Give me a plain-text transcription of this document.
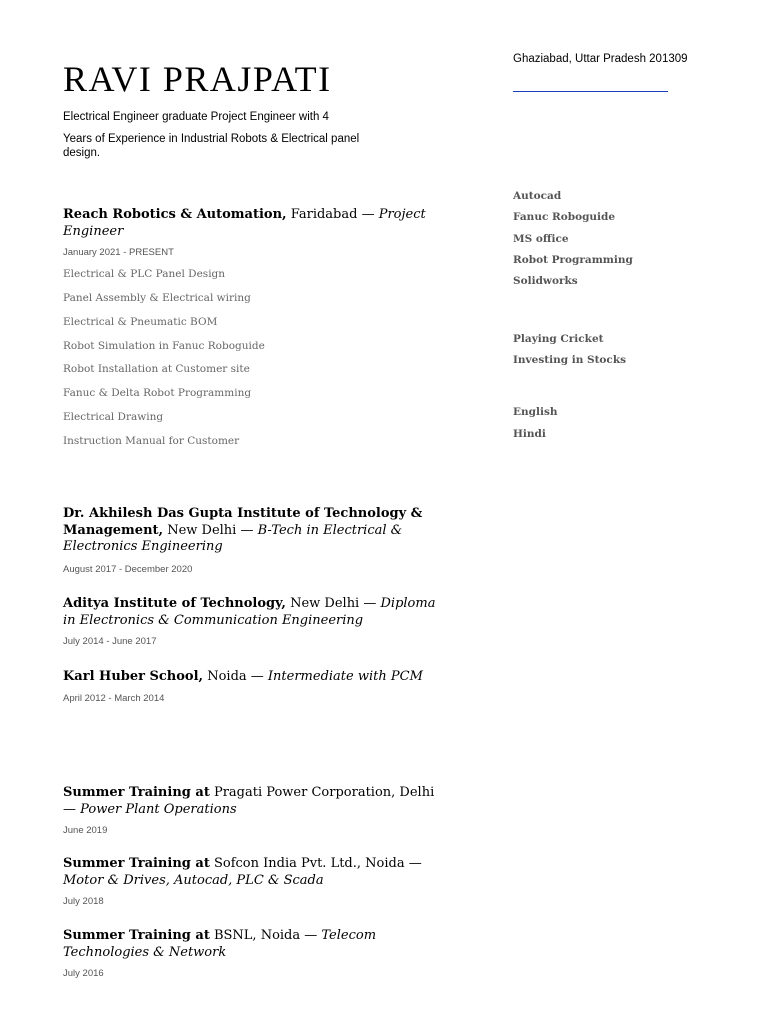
RAVI PRAJPATI
Electrical Engineer graduate Project Engineer with 4
Years of Experience in Industrial Robots & Electrical panel design.
Ghaziabad, Uttar Pradesh 201309
Reach Robotics & Automation, Faridabad — Project Engineer
January 2021 - PRESENT
Electrical & PLC Panel Design
Panel Assembly & Electrical wiring
Electrical & Pneumatic BOM
Robot Simulation in Fanuc Roboguide
Robot Installation at Customer site
Fanuc & Delta Robot Programming
Electrical Drawing
Instruction Manual for Customer
Dr. Akhilesh Das Gupta Institute of Technology & Management, New Delhi — B-Tech in Electrical & Electronics Engineering
August 2017 - December 2020
Aditya Institute of Technology, New Delhi — Diploma in Electronics & Communication Engineering
July 2014 - June 2017
Karl Huber School, Noida — Intermediate with PCM
April 2012 - March 2014
Summer Training at Pragati Power Corporation, Delhi — Power Plant Operations
June 2019
Summer Training at Sofcon India Pvt. Ltd., Noida — Motor & Drives, Autocad, PLC & Scada
July 2018
Summer Training at BSNL, Noida — Telecom Technologies & Network
July 2016
Autocad
Fanuc Roboguide
MS office
Robot Programming
Solidworks
Playing Cricket
Investing in Stocks
English
Hindi
